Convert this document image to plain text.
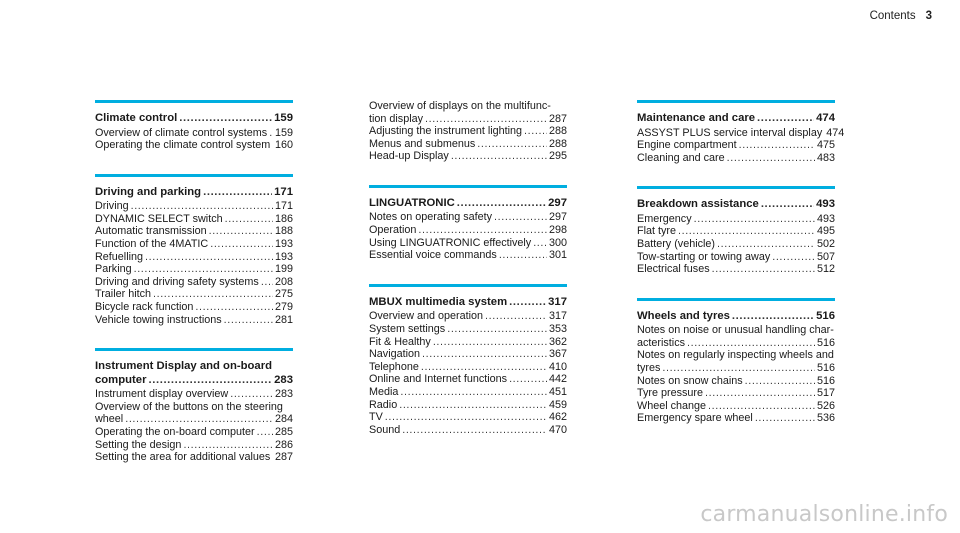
Contents 3
Climate control .....	159
Overview of climate control systems ..... 159
Operating the climate control system ..... 160
Driving and parking .....	171
Driving .....	171
DYNAMIC SELECT switch .....	186
Automatic transmission .....	188
Function of the 4MATIC .....	193
Refuelling .....	193
Parking .....	199
Driving and driving safety systems ..... 208
Trailer hitch .....	275
Bicycle rack function .....	279
Vehicle towing instructions .....	281
Instrument Display and on-board
computer .....	283
Instrument display overview .....	283
Overview of the buttons on the steering
wheel .....	284
Operating the on-board computer ..... 285
Setting the design .....	286
Setting the area for additional values ..... 287
Overview of displays on the multifunc-
tion display .....	287
Adjusting the instrument lighting ..... 288
Menus and submenus .....	288
Head-up Display .....	295
LINGUATRONIC .....	297
Notes on operating safety .....	297
Operation .....	298
Using LINGUATRONIC effectively ..... 300
Essential voice commands .....	301
MBUX multimedia system .....	317
Overview and operation .....	317
System settings .....	353
Fit & Healthy .....	362
Navigation .....	367
Telephone .....	410
Online and Internet functions .....	442
Media .....	451
Radio .....	459
TV .....	462
Sound .....	470
Maintenance and care .....	474
ASSYST PLUS service interval display 474
Engine compartment .....	475
Cleaning and care .....	483
Breakdown assistance .....	493
Emergency .....	493
Flat tyre .....	495
Battery (vehicle) .....	502
Tow-starting or towing away .....	507
Electrical fuses .....	512
Wheels and tyres .....	516
Notes on noise or unusual handling char-
acteristics .....	516
Notes on regularly inspecting wheels and
tyres .....	516
Notes on snow chains .....	516
Tyre pressure .....	517
Wheel change .....	526
Emergency spare wheel .....	536
carmanualsonline.info
